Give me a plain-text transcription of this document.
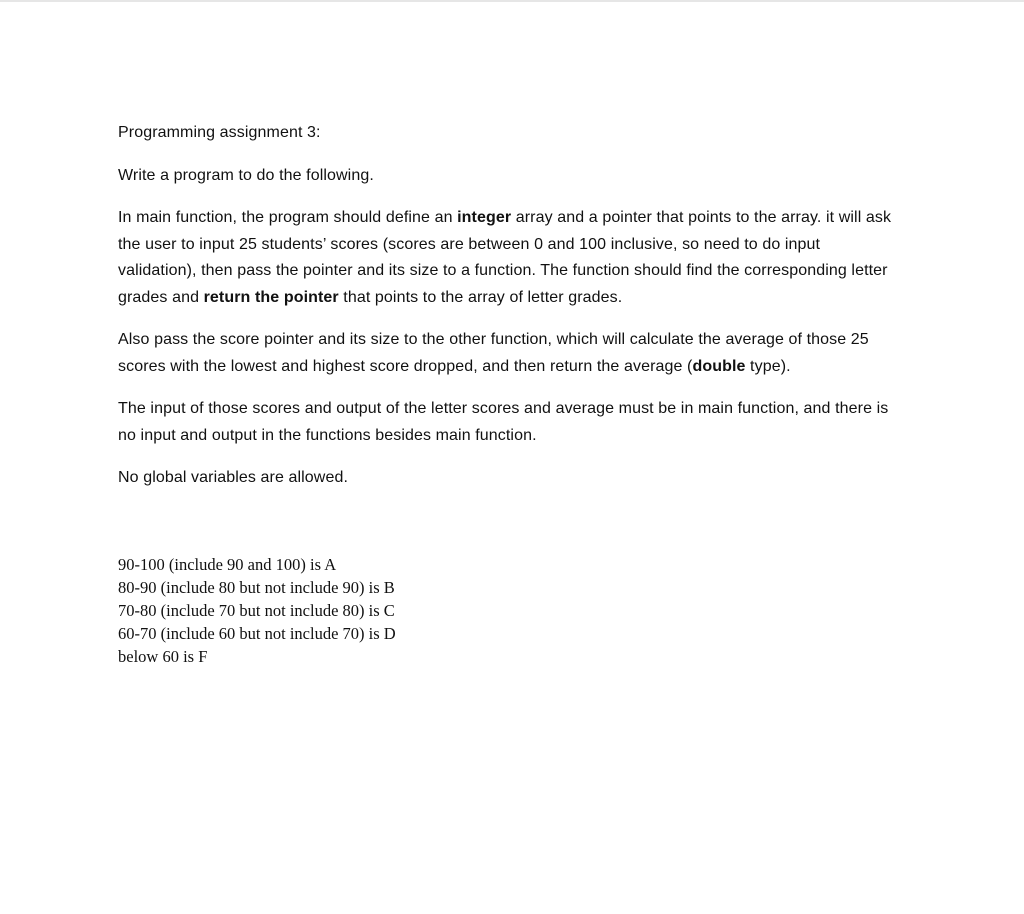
Programming assignment 3:

Write a program to do the following.

In main function, the program should define an integer array and a pointer that points to the array. it will ask the user to input 25 students’ scores (scores are between 0 and 100 inclusive, so need to do input validation), then pass the pointer and its size to a function. The function should find the corresponding letter grades and return the pointer that points to the array of letter grades.

Also pass the score pointer and its size to the other function, which will calculate the average of those 25 scores with the lowest and highest score dropped, and then return the average (double type).

The input of those scores and output of the letter scores and average must be in main function, and there is no input and output in the functions besides main function.

No global variables are allowed.

90-100 (include 90 and 100) is A

80-90 (include 80 but not include 90) is B

70-80 (include 70 but not include 80) is C

60-70 (include 60 but not include 70) is D

below 60 is F
